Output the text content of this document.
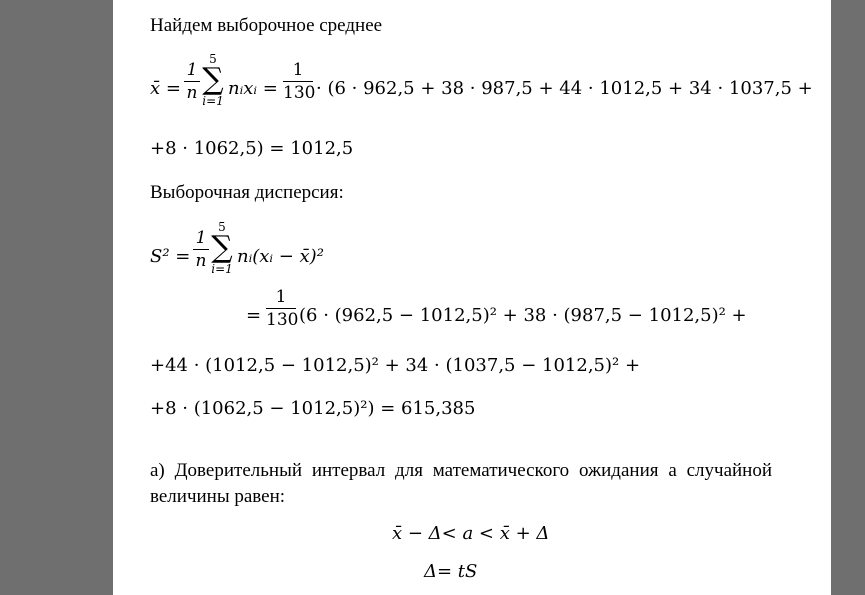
Найдем выборочное среднее
x̄ =
1
n
5
∑
i=1
nᵢxᵢ =
1
130 · (6 · 962,5 + 38 · 987,5 + 44 · 1012,5 + 34 · 1037,5 +
+8 · 1062,5) = 1012,5
Выборочная дисперсия:
S² =
1
n
5
∑
i=1
nᵢ(xᵢ − x̄)²
=
1
130 (6 · (962,5 − 1012,5)² + 38 · (987,5 − 1012,5)² +
+44 · (1012,5 − 1012,5)² + 34 · (1037,5 − 1012,5)² +
+8 · (1062,5 − 1012,5)²) = 615,385
а) Доверительный интервал для математического ожидания a случайной
величины равен:
x̄ − Δ< a < x̄ + Δ
Δ= tS
